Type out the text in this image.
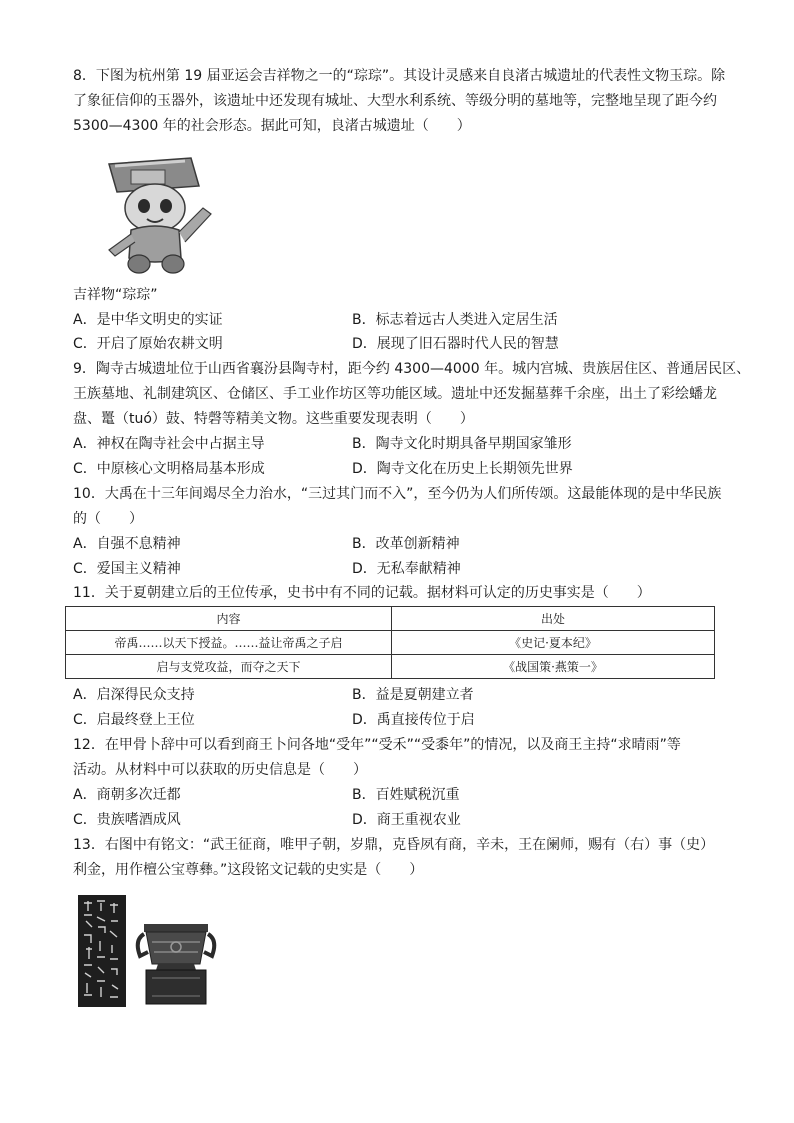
8．下图为杭州第 19 届亚运会吉祥物之一的“琮琮”。其设计灵感来自良渚古城遗址的代表性文物玉琮。除
了象征信仰的玉器外，该遗址中还发现有城址、大型水利系统、等级分明的墓地等，完整地呈现了距今约
5300—4300 年的社会形态。据此可知，良渚古城遗址（　　）
吉祥物“琮琮”
A．是中华文明史的实证	B．标志着远古人类进入定居生活
C．开启了原始农耕文明	D．展现了旧石器时代人民的智慧
9．陶寺古城遗址位于山西省襄汾县陶寺村，距今约 4300—4000 年。城内宫城、贵族居住区、普通居民区、
王族墓地、礼制建筑区、仓储区、手工业作坊区等功能区域。遗址中还发掘墓葬千余座，出土了彩绘蟠龙
盘、鼍（tuó）鼓、特磬等精美文物。这些重要发现表明（　　）
A．神权在陶寺社会中占据主导	B．陶寺文化时期具备早期国家雏形
C．中原核心文明格局基本形成	D．陶寺文化在历史上长期领先世界
10．大禹在十三年间竭尽全力治水，“三过其门而不入”，至今仍为人们所传颂。这最能体现的是中华民族
的（　　）
A．自强不息精神	B．改革创新精神
C．爱国主义精神	D．无私奉献精神
11．关于夏朝建立后的王位传承，史书中有不同的记载。据材料可认定的历史事实是（　　）
内容	出处
帝禹……以天下授益。……益让帝禹之子启	《史记·夏本纪》
启与支党攻益，而夺之天下	《战国策·燕策一》
A．启深得民众支持	B．益是夏朝建立者
C．启最终登上王位	D．禹直接传位于启
12．在甲骨卜辞中可以看到商王卜问各地“受年”“受禾”“受黍年”的情况，以及商王主持“求晴雨”等
活动。从材料中可以获取的历史信息是（　　）
A．商朝多次迁都	B．百姓赋税沉重
C．贵族嗜酒成风	D．商王重视农业
13．右图中有铭文：“武王征商，唯甲子朝，岁鼎，克昏夙有商，辛未，王在阑师，赐有（右）事（史）
利金，用作檀公宝尊彝。”这段铭文记载的史实是（　　）
